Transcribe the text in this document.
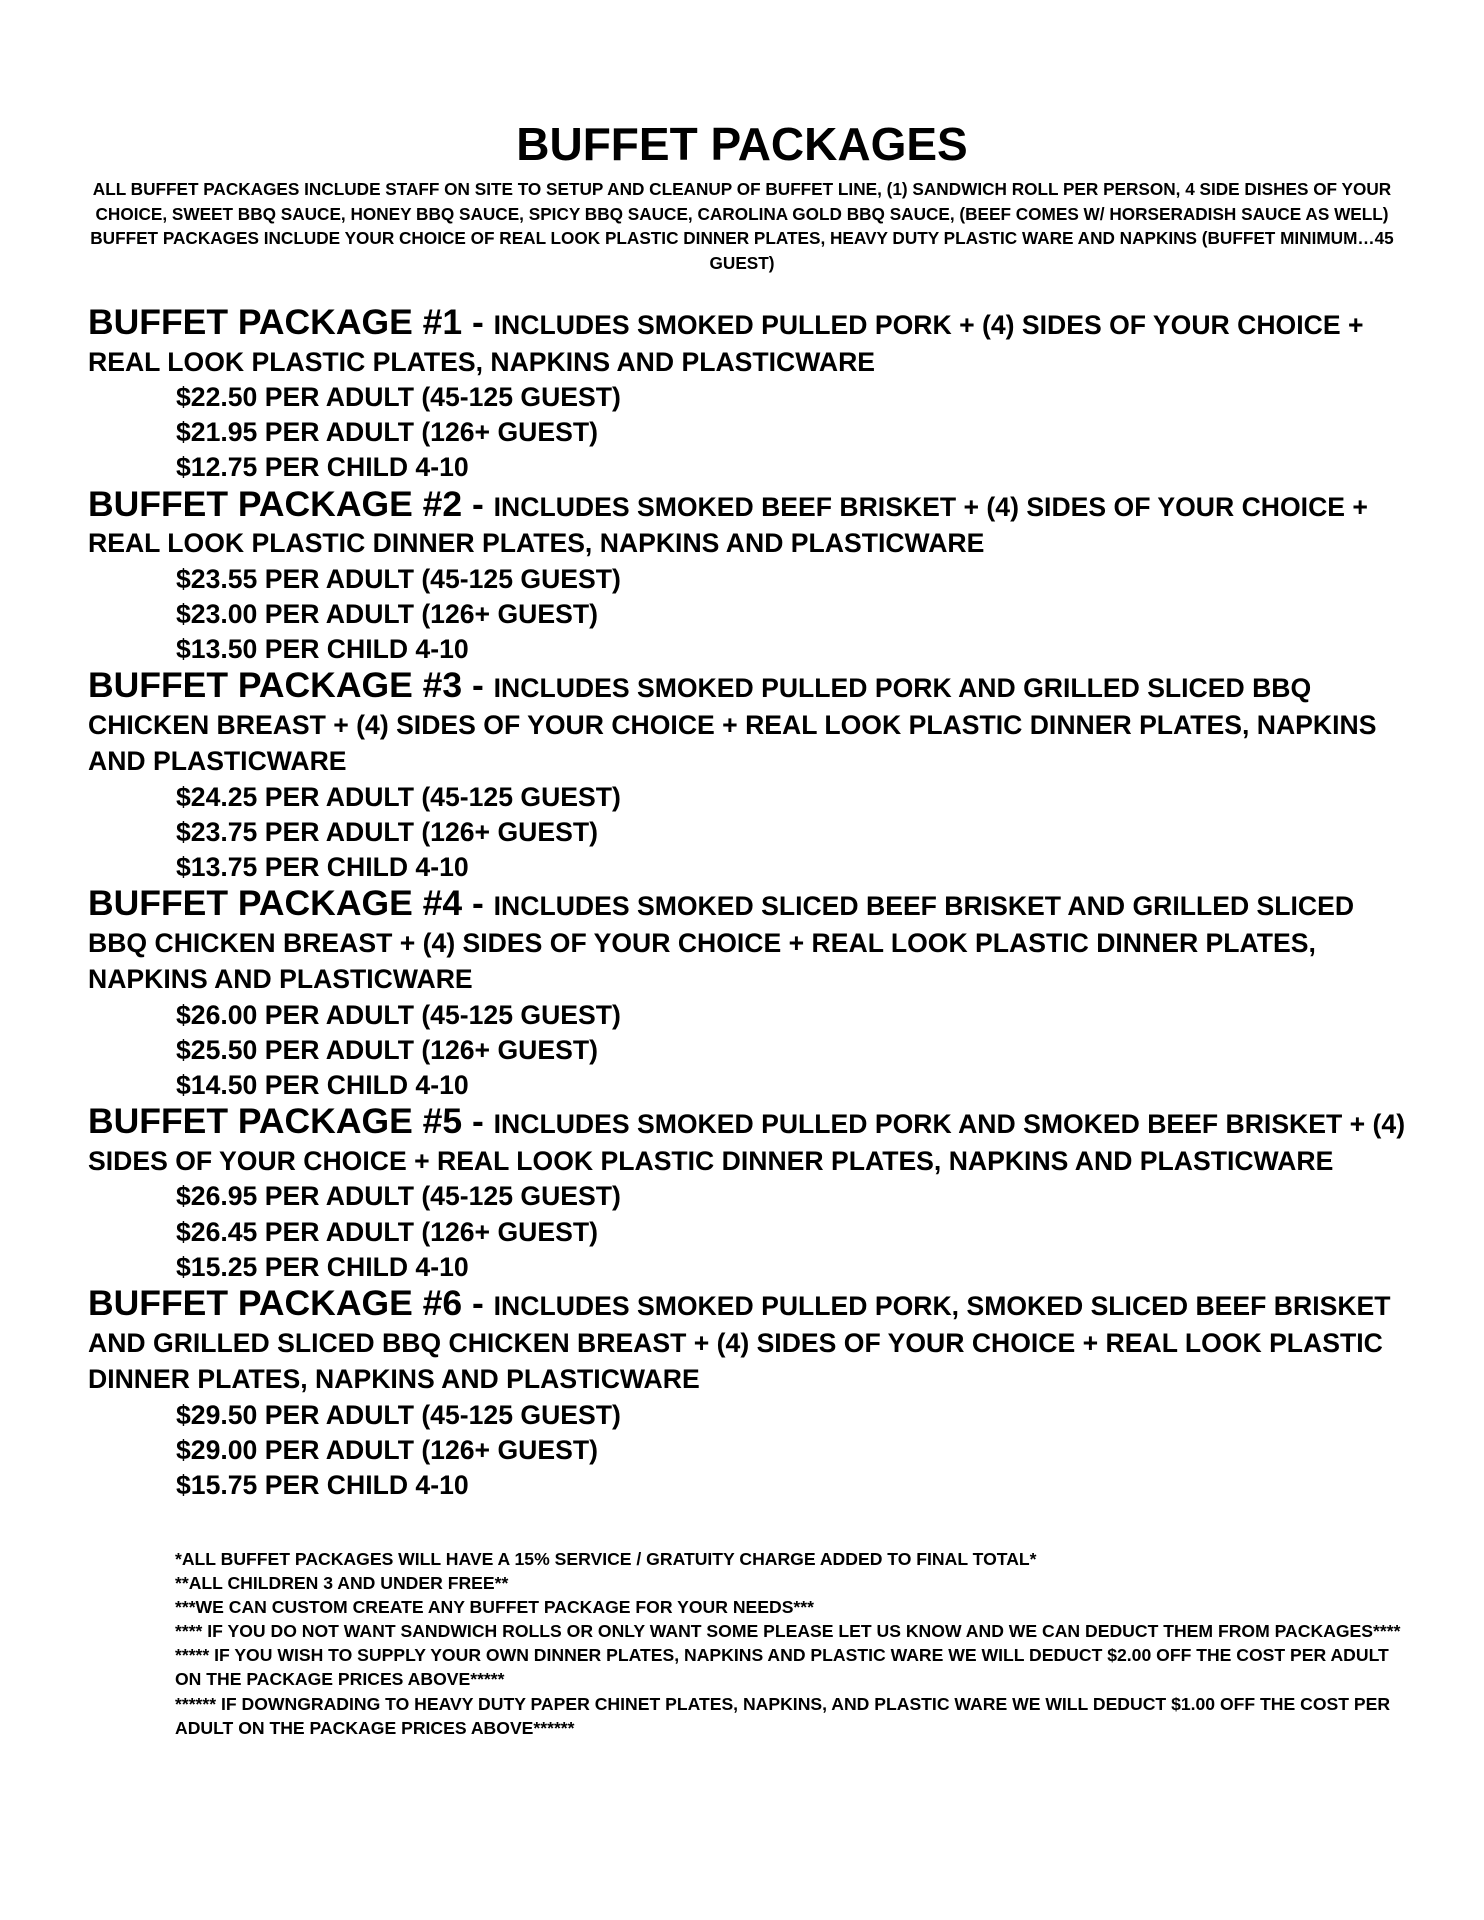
BUFFET PACKAGES
ALL BUFFET PACKAGES INCLUDE STAFF ON SITE TO SETUP AND CLEANUP OF BUFFET LINE, (1) SANDWICH ROLL PER PERSON, 4 SIDE DISHES OF YOUR CHOICE, SWEET BBQ SAUCE, HONEY BBQ SAUCE, SPICY BBQ SAUCE, CAROLINA GOLD BBQ SAUCE, (BEEF COMES W/ HORSERADISH SAUCE AS WELL) BUFFET PACKAGES INCLUDE YOUR CHOICE OF REAL LOOK PLASTIC DINNER PLATES, HEAVY DUTY PLASTIC WARE AND NAPKINS (BUFFET MINIMUM…45 GUEST)

BUFFET PACKAGE #1 - INCLUDES SMOKED PULLED PORK + (4) SIDES OF YOUR CHOICE + REAL LOOK PLASTIC PLATES, NAPKINS AND PLASTICWARE

$22.50 PER ADULT (45-125 GUEST)
$21.95 PER ADULT (126+ GUEST)
$12.75 PER CHILD 4-10

BUFFET PACKAGE #2 - INCLUDES SMOKED BEEF BRISKET + (4) SIDES OF YOUR CHOICE + REAL LOOK PLASTIC DINNER PLATES, NAPKINS AND PLASTICWARE

$23.55 PER ADULT (45-125 GUEST)
$23.00 PER ADULT (126+ GUEST)
$13.50 PER CHILD 4-10

BUFFET PACKAGE #3 - INCLUDES SMOKED PULLED PORK AND GRILLED SLICED BBQ CHICKEN BREAST + (4) SIDES OF YOUR CHOICE + REAL LOOK PLASTIC DINNER PLATES, NAPKINS AND PLASTICWARE

$24.25 PER ADULT (45-125 GUEST)
$23.75 PER ADULT (126+ GUEST)
$13.75 PER CHILD 4-10

BUFFET PACKAGE #4 - INCLUDES SMOKED SLICED BEEF BRISKET AND GRILLED SLICED BBQ CHICKEN BREAST + (4) SIDES OF YOUR CHOICE + REAL LOOK PLASTIC DINNER PLATES, NAPKINS AND PLASTICWARE

$26.00 PER ADULT (45-125 GUEST)
$25.50 PER ADULT (126+ GUEST)
$14.50 PER CHILD 4-10

BUFFET PACKAGE #5 - INCLUDES SMOKED PULLED PORK AND SMOKED BEEF BRISKET + (4) SIDES OF YOUR CHOICE + REAL LOOK PLASTIC DINNER PLATES, NAPKINS AND PLASTICWARE

$26.95 PER ADULT (45-125 GUEST)
$26.45 PER ADULT (126+ GUEST)
$15.25 PER CHILD 4-10

BUFFET PACKAGE #6 - INCLUDES SMOKED PULLED PORK, SMOKED SLICED BEEF BRISKET AND GRILLED SLICED BBQ CHICKEN BREAST + (4) SIDES OF YOUR CHOICE + REAL LOOK PLASTIC DINNER PLATES, NAPKINS AND PLASTICWARE

$29.50 PER ADULT (45-125 GUEST)
$29.00 PER ADULT (126+ GUEST)
$15.75 PER CHILD 4-10
*ALL BUFFET PACKAGES WILL HAVE A 15% SERVICE / GRATUITY CHARGE ADDED TO FINAL TOTAL*
**ALL CHILDREN 3 AND UNDER FREE**
***WE CAN CUSTOM CREATE ANY BUFFET PACKAGE FOR YOUR NEEDS***
**** IF YOU DO NOT WANT SANDWICH ROLLS OR ONLY WANT SOME PLEASE LET US KNOW AND WE CAN DEDUCT THEM FROM PACKAGES****
***** IF YOU WISH TO SUPPLY YOUR OWN DINNER PLATES, NAPKINS AND PLASTIC WARE WE WILL DEDUCT $2.00 OFF THE COST PER ADULT ON THE PACKAGE PRICES ABOVE*****
****** IF DOWNGRADING TO HEAVY DUTY PAPER CHINET PLATES, NAPKINS, AND PLASTIC WARE WE WILL DEDUCT $1.00 OFF THE COST PER ADULT ON THE PACKAGE PRICES ABOVE******
